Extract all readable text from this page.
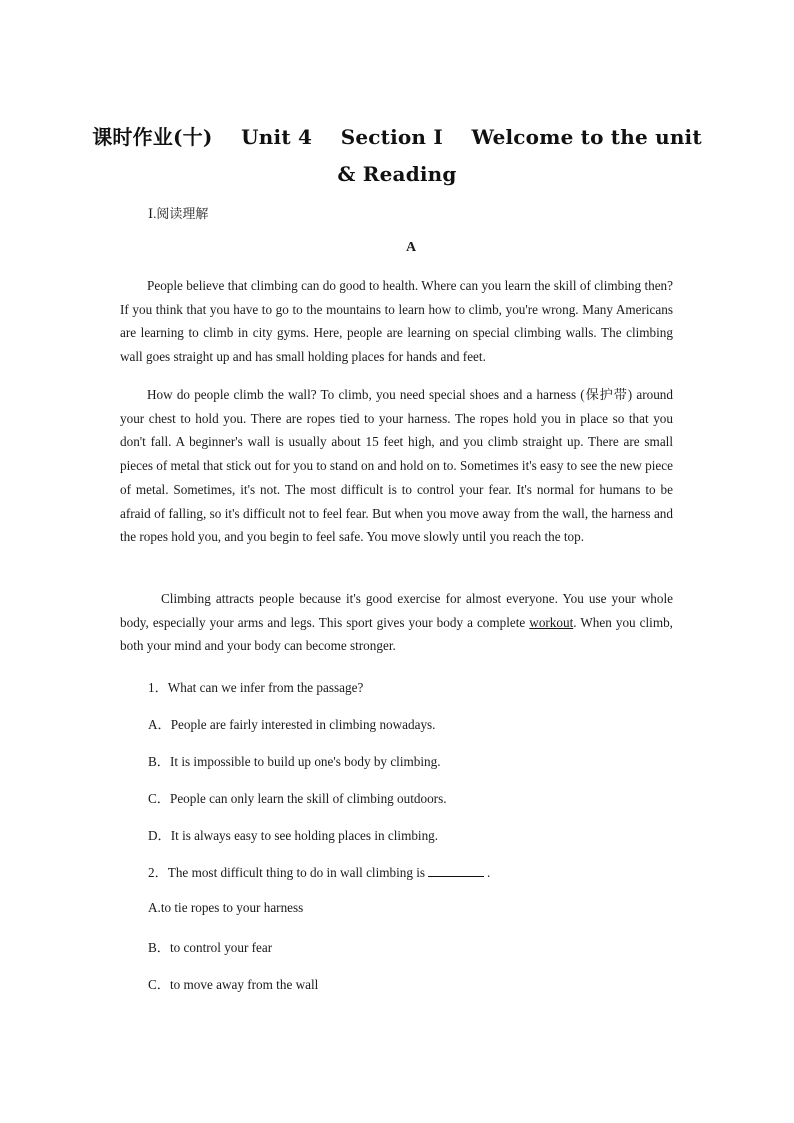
课时作业(十)    Unit 4    Section Ⅰ    Welcome to the unit
& Reading
Ⅰ.阅读理解
A

People believe that climbing can do good to health. Where can you learn the skill of climbing then? If you think that you have to go to the mountains to learn how to climb, you're wrong. Many Americans are learning to climb in city gyms. Here, people are learning on special climbing walls. The climbing wall goes straight up and has small holding places for hands and feet.

How do people climb the wall? To climb, you need special shoes and a harness (保护带) around your chest to hold you. There are ropes tied to your harness. The ropes hold you in place so that you don't fall. A beginner's wall is usually about 15 feet high, and you climb straight up. There are small pieces of metal that stick out for you to stand on and hold on to. Sometimes it's easy to see the new piece of metal. Sometimes, it's not. The most difficult is to control your fear. It's normal for humans to be afraid of falling, so it's difficult not to feel fear. But when you move away from the wall, the harness and the ropes hold you, and you begin to feel safe. You move slowly until you reach the top.

Climbing attracts people because it's good exercise for almost everyone. You use your whole body, especially your arms and legs. This sport gives your body a complete workout. When you climb, both your mind and your body can become stronger.

1．What can we infer from the passage?
A．People are fairly interested in climbing nowadays.
B．It is impossible to build up one's body by climbing.
C．People can only learn the skill of climbing outdoors.
D．It is always easy to see holding places in climbing.
2．The most difficult thing to do in wall climbing is	.
A.to tie ropes to your harness
B．to control your fear
C．to move away from the wall
